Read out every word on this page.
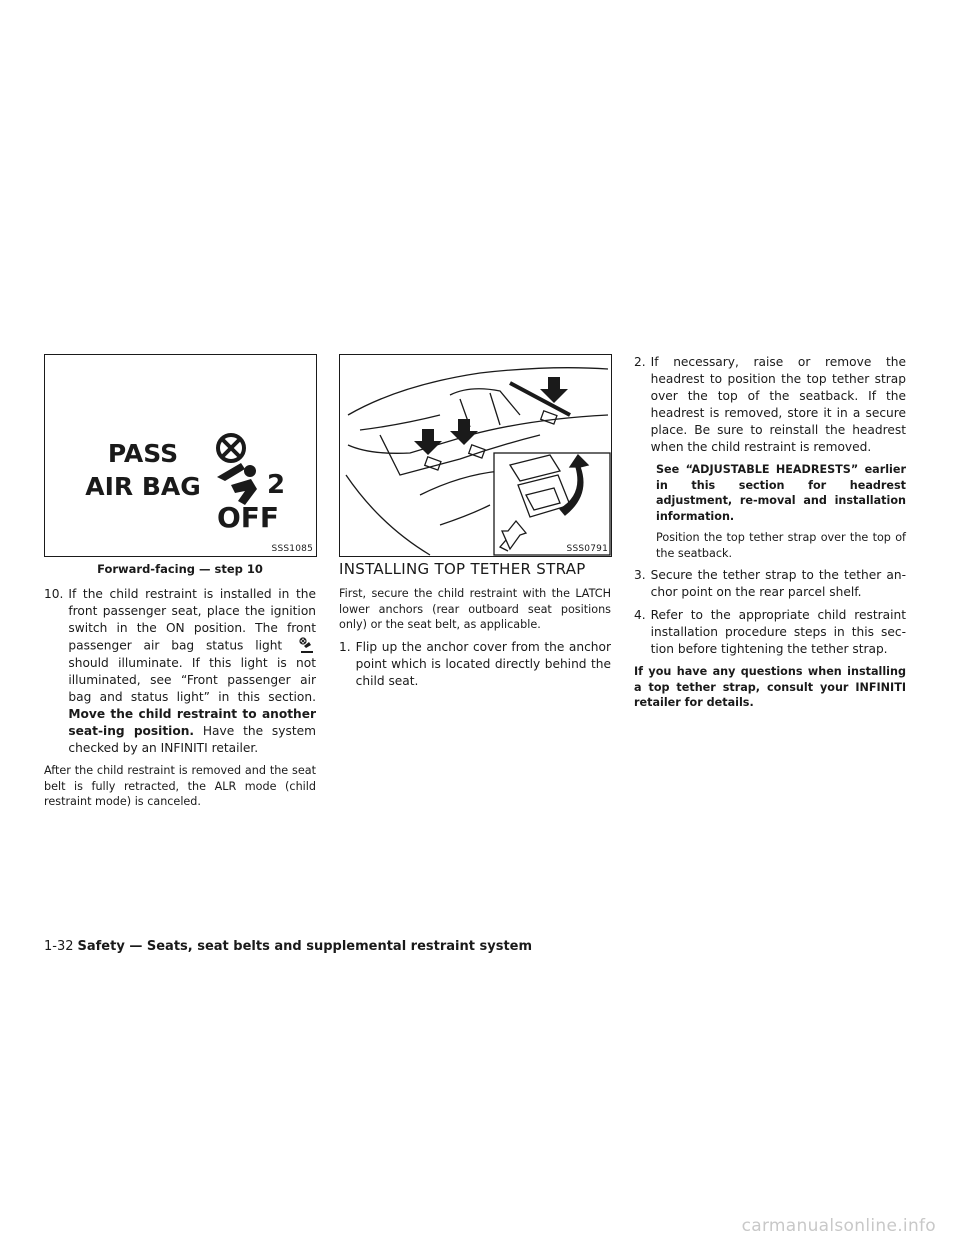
PASS
AIR BAG	2
OFF
SSS1085
Forward-facing — step 10
SSS0791
10. If the child restraint is installed in the front passenger seat, place the ignition switch in the ON position. The front passenger air bag status light  should illuminate. If this light is not illuminated, see “Front passenger air bag and status light” in this section. Move the child restraint to another seat-ing position. Have the system checked by an INFINITI retailer.

After the child restraint is removed and the seat belt is fully retracted, the ALR mode (child restraint mode) is canceled.

INSTALLING TOP TETHER STRAP

First, secure the child restraint with the LATCH lower anchors (rear outboard seat positions only) or the seat belt, as applicable.

1. Flip up the anchor cover from the anchor point which is located directly behind the child seat.
2. If necessary, raise or remove the headrest to position the top tether strap over the top of the seatback. If the headrest is removed, store it in a secure place. Be sure to reinstall the headrest when the child restraint is removed.

See “ADJUSTABLE HEADRESTS” earlier in this section for headrest adjustment, re-moval and installation information.

Position the top tether strap over the top of the seatback.

3. Secure the tether strap to the tether an-chor point on the rear parcel shelf.
4. Refer to the appropriate child restraint installation procedure steps in this sec-tion before tightening the tether strap.

If you have any questions when installing a top tether strap, consult your INFINITI retailer for details.

1-32 Safety — Seats, seat belts and supplemental restraint system
carmanualsonline.info
